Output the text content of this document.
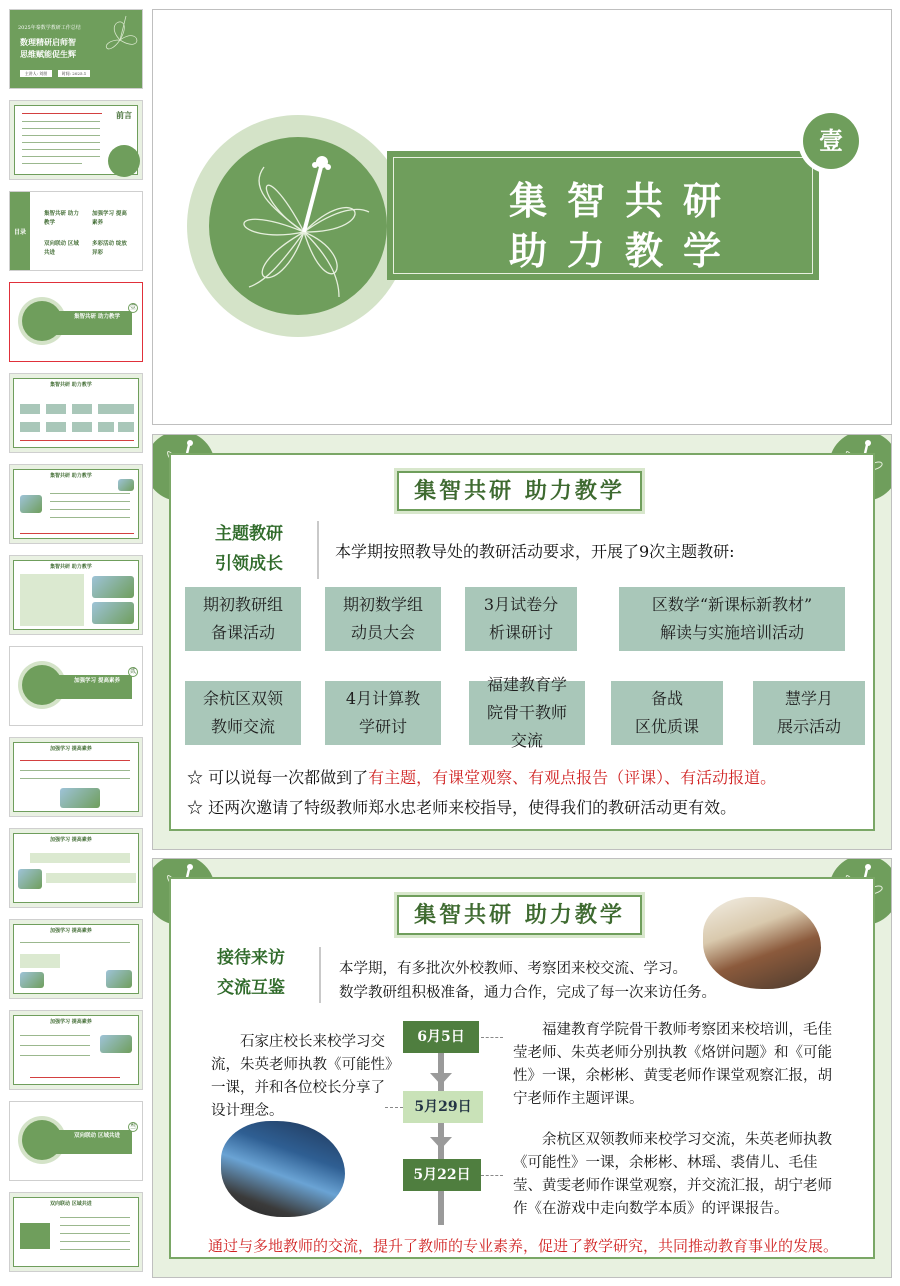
2025年秦数学教研工作总结
数理精研启师智
思维赋能促生辉
主讲人: 刘朋	时间: 2025.1
前言
目录
集智共研 助力教学
加强学习 提高素养
双向联动 区域共进
多彩活动 绽放异彩
集智共研 助力教学
壹
集智共研 助力教学
集智共研 助力教学
集智共研 助力教学
加强学习 提高素养
贰
加强学习 提高素养
加强学习 提高素养
加强学习 提高素养
加强学习 提高素养
双向联动 区域共进
叁
双向联动 区域共进
壹
集智共研
助力教学
集智共研 助力教学
主题教研
引领成长
本学期按照教导处的教研活动要求，开展了9次主题教研:
期初教研组
备课活动
期初数学组
动员大会
3月试卷分
析课研讨
区数学“新课标新教材”
解读与实施培训活动
余杭区双领
教师交流
4月计算教
学研讨
福建教育学
院骨干教师
交流
备战
区优质课
慧学月
展示活动
☆ 可以说每一次都做到了有主题，有课堂观察、有观点报告（评课）、有活动报道。
☆ 还两次邀请了特级教师郑水忠老师来校指导，使得我们的教研活动更有效。
集智共研 助力教学
接待来访
交流互鉴
本学期，有多批次外校教师、考察团来校交流、学习。
数学教研组积极准备，通力合作，完成了每一次来访任务。
石家庄校长来校学习交流，朱英老师执教《可能性》一课，并和各位校长分享了设计理念。
6月5日
5月29日
5月22日
福建教育学院骨干教师考察团来校培训，毛佳莹老师、朱英老师分别执教《烙饼问题》和《可能性》一课，余彬彬、黄雯老师作课堂观察汇报，胡宁老师作主题评课。
余杭区双领教师来校学习交流，朱英老师执教《可能性》一课，余彬彬、林瑶、裘倩儿、毛佳莹、黄雯老师作课堂观察，并交流汇报，胡宁老师作《在游戏中走向数学本质》的评课报告。
通过与多地教师的交流，提升了教师的专业素养，促进了教学研究，共同推动教育事业的发展。
